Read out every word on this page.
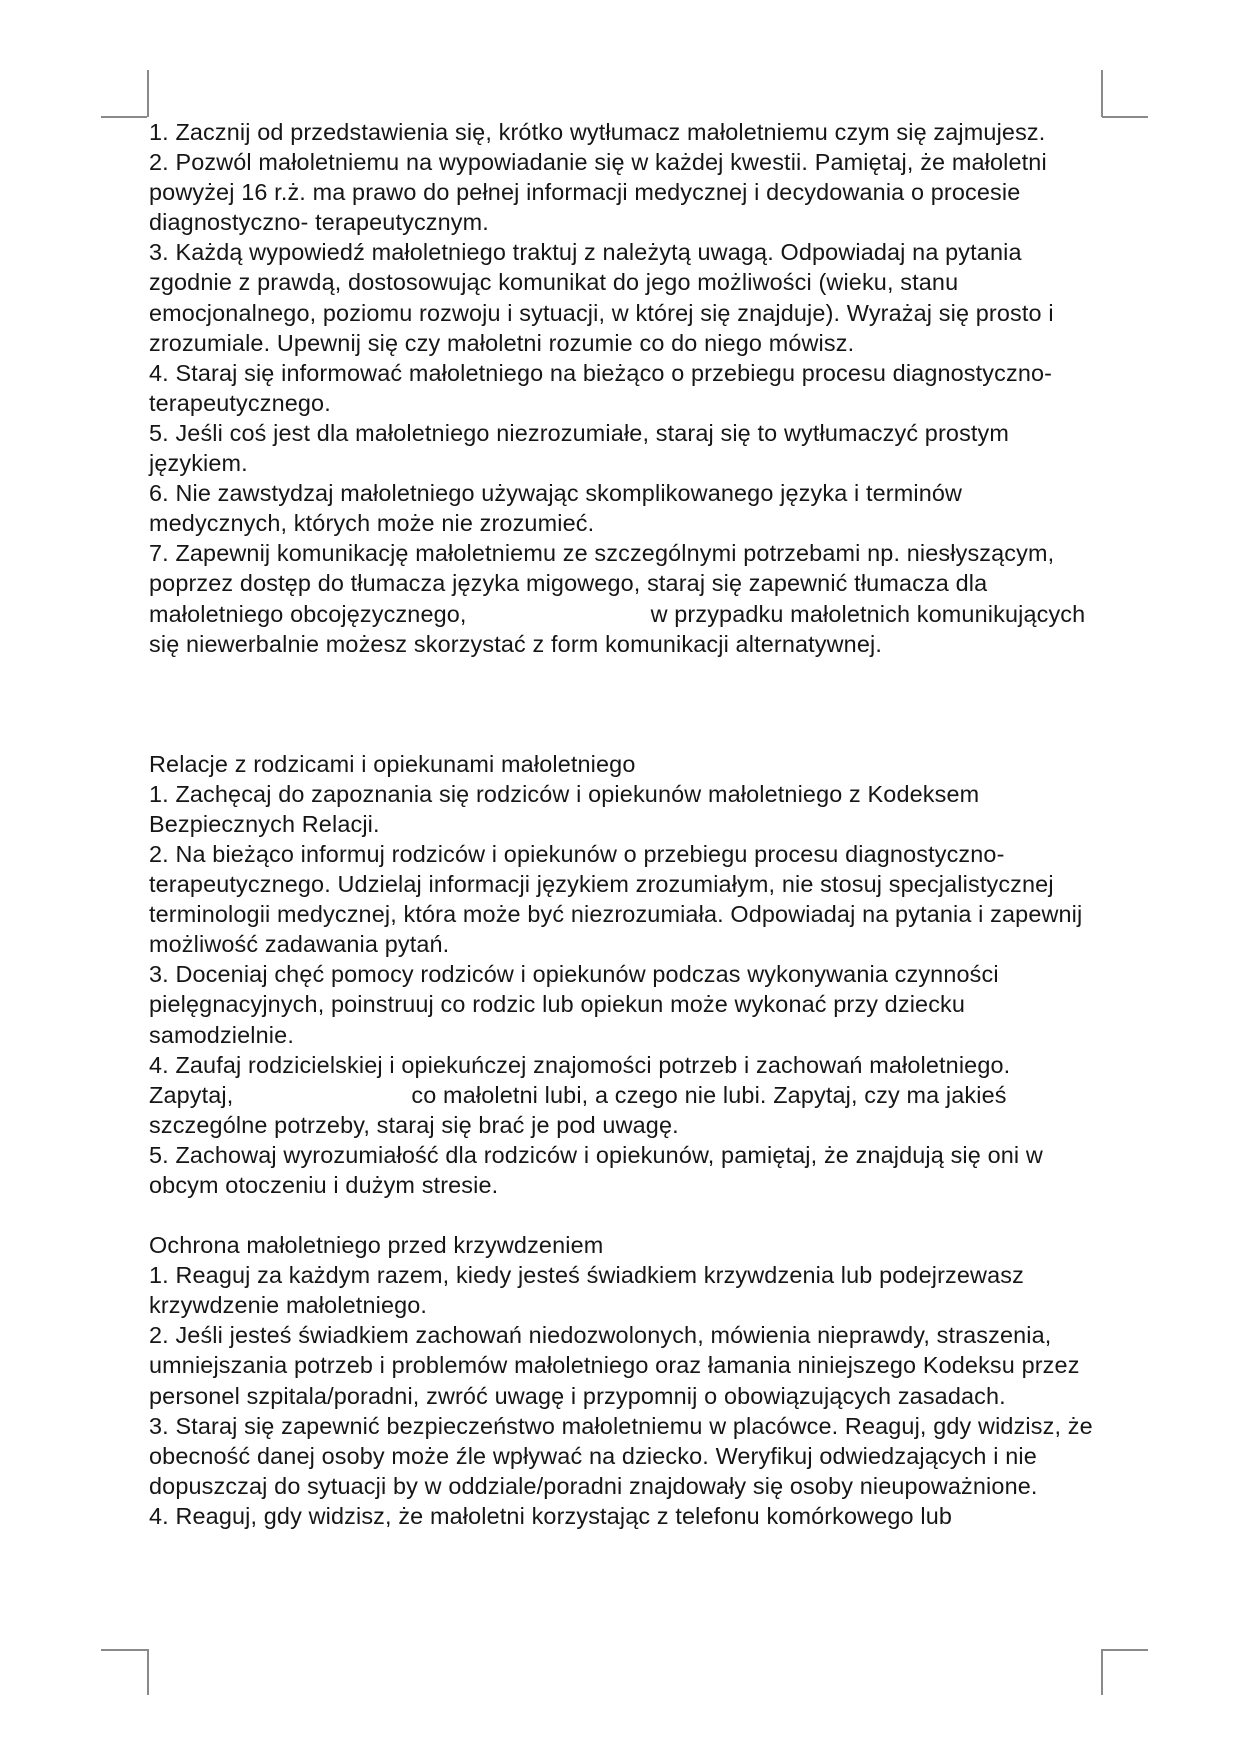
1. Zacznij od przedstawienia się, krótko wytłumacz małoletniemu czym się zajmujesz.

2. Pozwól małoletniemu na wypowiadanie się w każdej kwestii. Pamiętaj, że małoletni powyżej 16 r.ż. ma prawo do pełnej informacji medycznej i decydowania o procesie diagnostyczno- terapeutycznym.

3. Każdą wypowiedź małoletniego traktuj z należytą uwagą. Odpowiadaj na pytania zgodnie z prawdą, dostosowując komunikat do jego możliwości (wieku, stanu emocjonalnego, poziomu rozwoju i sytuacji, w której się znajduje). Wyrażaj się prosto i zrozumiale. Upewnij się czy małoletni rozumie co do niego mówisz.

4. Staraj się informować małoletniego na bieżąco o przebiegu procesu diagnostyczno- terapeutycznego.

5. Jeśli coś jest dla małoletniego niezrozumiałe, staraj się to wytłumaczyć prostym językiem.

6. Nie zawstydzaj małoletniego używając skomplikowanego języka i terminów medycznych, których może nie zrozumieć.

7. Zapewnij komunikację małoletniemu ze szczególnymi potrzebami np. niesłyszącym, poprzez dostęp do tłumacza języka migowego, staraj się zapewnić tłumacza dla małoletniego obcojęzycznego,	w przypadku małoletnich komunikujących się niewerbalnie możesz skorzystać z form komunikacji alternatywnej.

Relacje z rodzicami i opiekunami małoletniego

1. Zachęcaj do zapoznania się rodziców i opiekunów małoletniego z Kodeksem Bezpiecznych Relacji.

2. Na bieżąco informuj rodziców i opiekunów o przebiegu procesu diagnostyczno- terapeutycznego. Udzielaj informacji językiem zrozumiałym, nie stosuj specjalistycznej terminologii medycznej, która może być niezrozumiała. Odpowiadaj na pytania i zapewnij możliwość zadawania pytań.

3. Doceniaj chęć pomocy rodziców i opiekunów podczas wykonywania czynności pielęgnacyjnych, poinstruuj co rodzic lub opiekun może wykonać przy dziecku samodzielnie.

4. Zaufaj rodzicielskiej i opiekuńczej znajomości potrzeb i zachowań małoletniego. Zapytaj,	co małoletni lubi, a czego nie lubi. Zapytaj, czy ma jakieś szczególne potrzeby, staraj się brać je pod uwagę.

5. Zachowaj wyrozumiałość dla rodziców i opiekunów, pamiętaj, że znajdują się oni w obcym otoczeniu i dużym stresie.

Ochrona małoletniego przed krzywdzeniem

1. Reaguj za każdym razem, kiedy jesteś świadkiem krzywdzenia lub podejrzewasz krzywdzenie małoletniego.

2. Jeśli jesteś świadkiem zachowań niedozwolonych, mówienia nieprawdy, straszenia, umniejszania potrzeb i problemów małoletniego oraz łamania niniejszego Kodeksu przez personel szpitala/poradni, zwróć uwagę i przypomnij o obowiązujących zasadach.

3. Staraj się zapewnić bezpieczeństwo małoletniemu w placówce. Reaguj, gdy widzisz, że obecność danej osoby może źle wpływać na dziecko. Weryfikuj odwiedzających i nie dopuszczaj do sytuacji by w oddziale/poradni znajdowały się osoby nieupoważnione.

4. Reaguj, gdy widzisz, że małoletni korzystając z telefonu komórkowego lub
